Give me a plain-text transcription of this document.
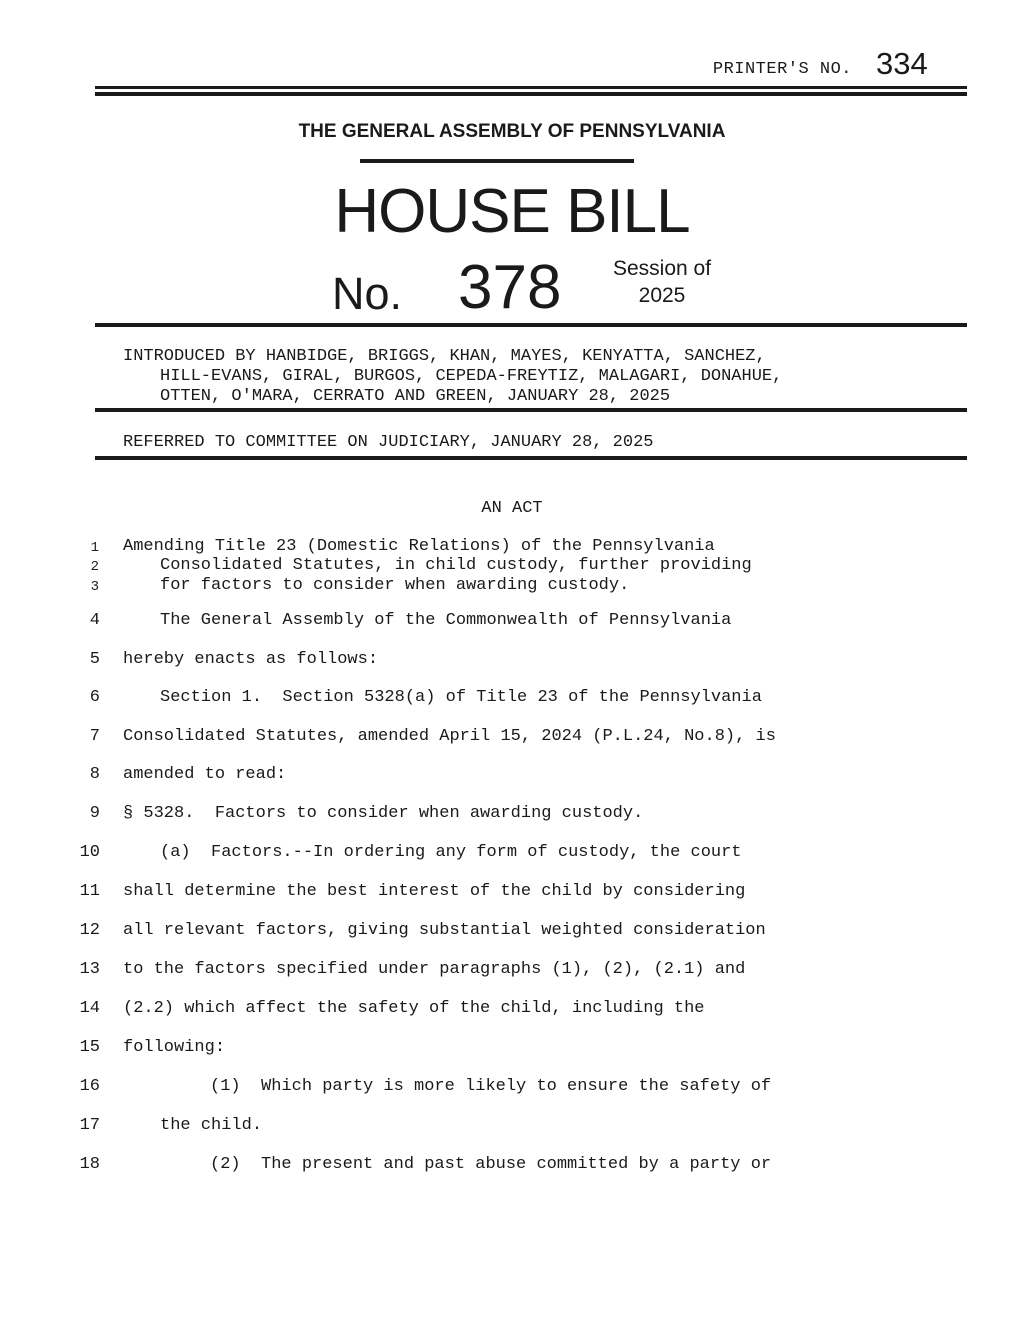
PRINTER'S NO. 334
THE GENERAL ASSEMBLY OF PENNSYLVANIA
HOUSE BILL
No. 378	Session of
2025
INTRODUCED BY HANBIDGE, BRIGGS, KHAN, MAYES, KENYATTA, SANCHEZ,
HILL-EVANS, GIRAL, BURGOS, CEPEDA-FREYTIZ, MALAGARI, DONAHUE,
OTTEN, O'MARA, CERRATO AND GREEN, JANUARY 28, 2025
REFERRED TO COMMITTEE ON JUDICIARY, JANUARY 28, 2025
AN ACT
1 Amending Title 23 (Domestic Relations) of the Pennsylvania
2	Consolidated Statutes, in child custody, further providing
3	for factors to consider when awarding custody.
4	The General Assembly of the Commonwealth of Pennsylvania
5 hereby enacts as follows:
6	Section 1.  Section 5328(a) of Title 23 of the Pennsylvania
7 Consolidated Statutes, amended April 15, 2024 (P.L.24, No.8), is
8 amended to read:
9 § 5328.  Factors to consider when awarding custody.
10	(a)  Factors.--In ordering any form of custody, the court
11 shall determine the best interest of the child by considering
12 all relevant factors, giving substantial weighted consideration
13 to the factors specified under paragraphs (1), (2), (2.1) and
14 (2.2) which affect the safety of the child, including the
15 following:
16	(1)  Which party is more likely to ensure the safety of
17	the child.
18	(2)  The present and past abuse committed by a party or
